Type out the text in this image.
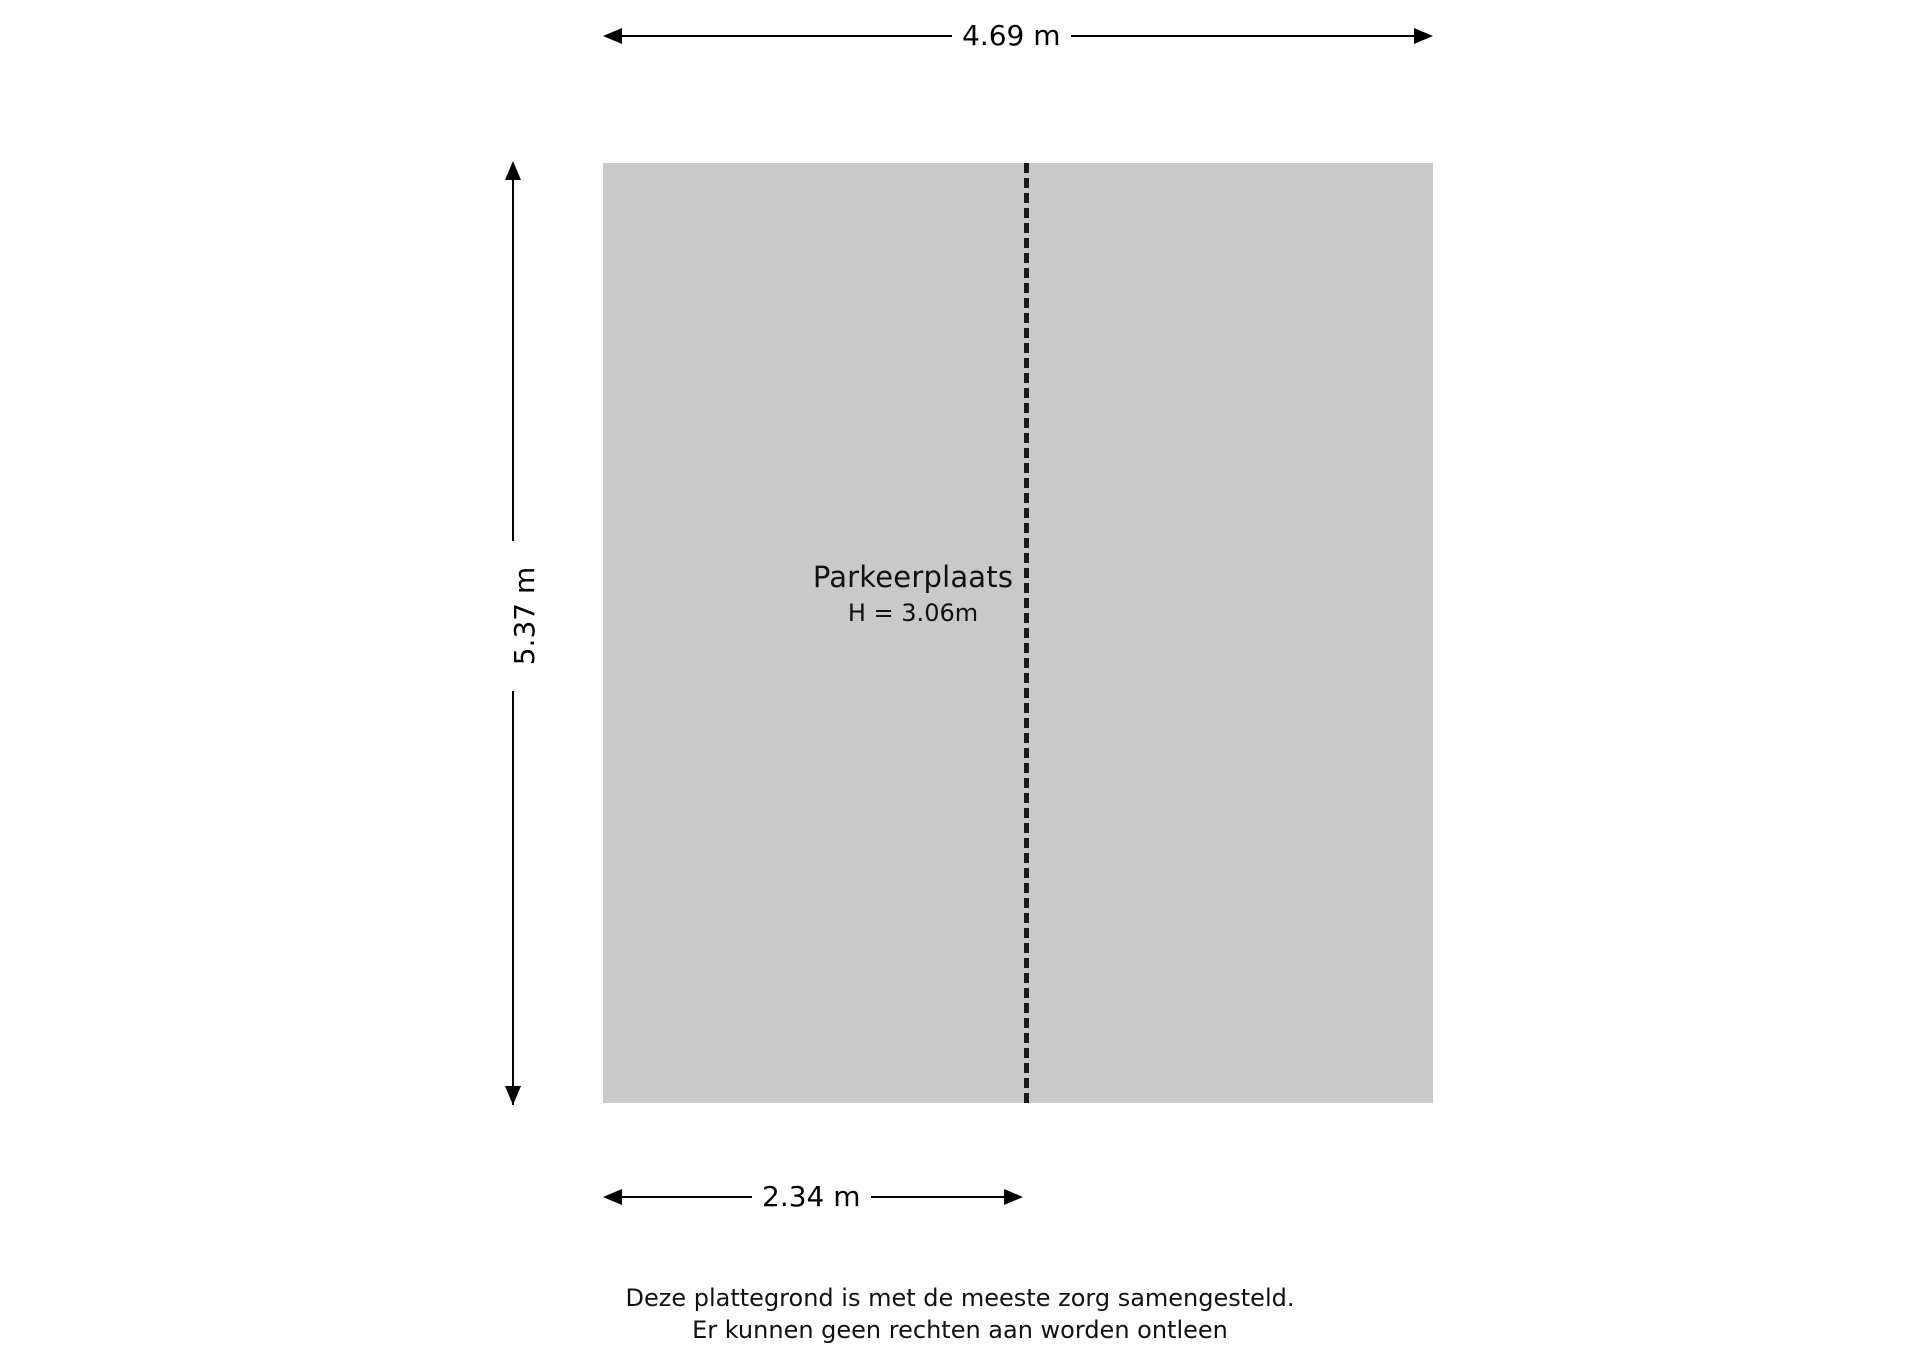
4.69 m
5.37 m	Parkeerplaats
H = 3.06m
2.34 m
Deze plattegrond is met de meeste zorg samengesteld.
Er kunnen geen rechten aan worden ontleen
